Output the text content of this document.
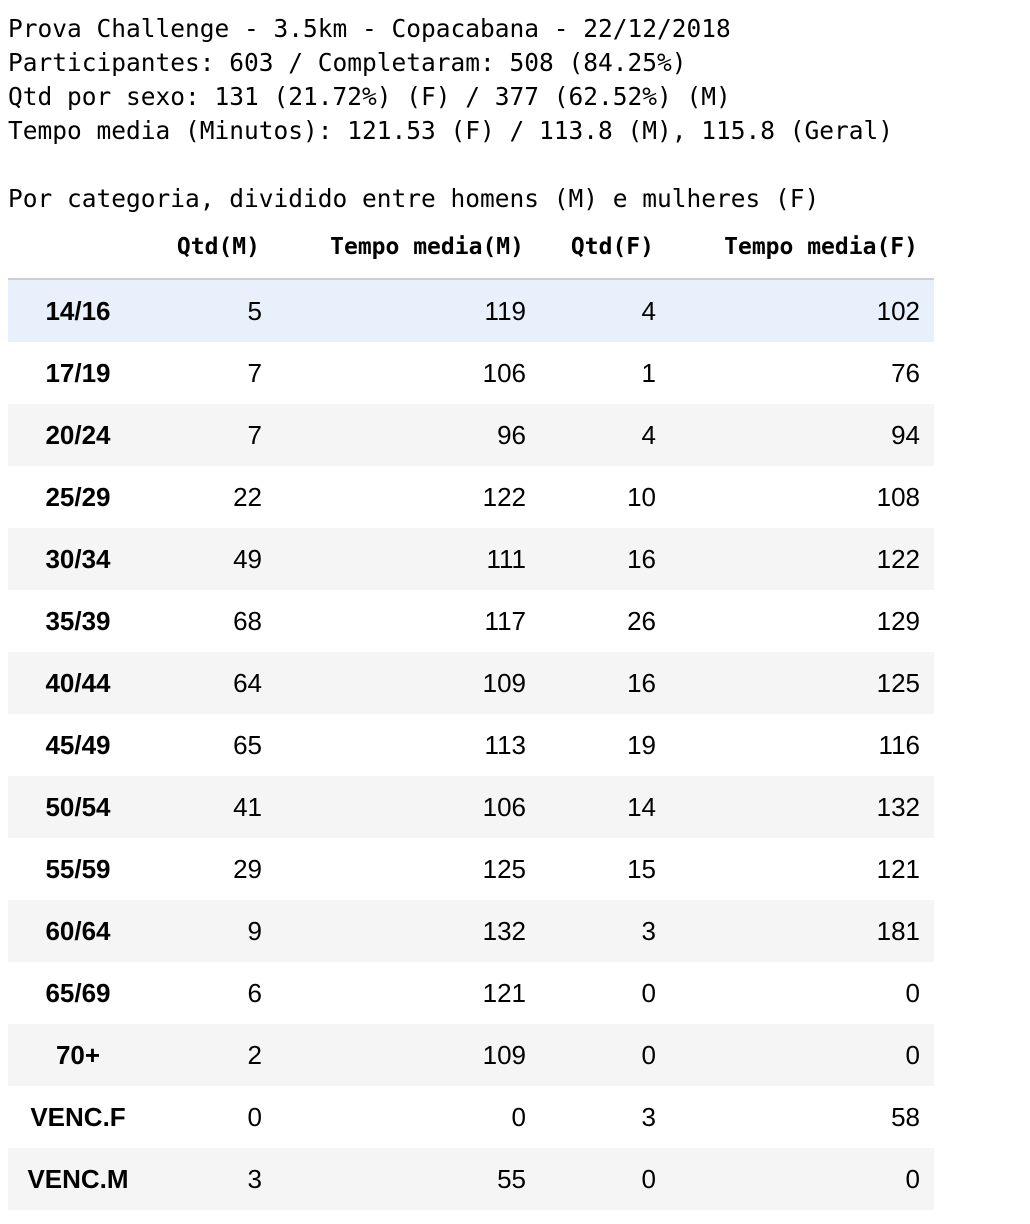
Prova Challenge - 3.5km - Copacabana - 22/12/2018
Participantes: 603 / Completaram: 508 (84.25%)
Qtd por sexo: 131 (21.72%) (F) / 377 (62.52%) (M)
Tempo media (Minutos): 121.53 (F) / 113.8 (M), 115.8 (Geral)
Por categoria, dividido entre homens (M) e mulheres (F)
	Qtd(M)	Tempo media(M)	Qtd(F)	Tempo media(F)
14/16	5	119	4	102
17/19	7	106	1	76
20/24	7	96	4	94
25/29	22	122	10	108
30/34	49	111	16	122
35/39	68	117	26	129
40/44	64	109	16	125
45/49	65	113	19	116
50/54	41	106	14	132
55/59	29	125	15	121
60/64	9	132	3	181
65/69	6	121	0	0
70+	2	109	0	0
VENC.F	0	0	3	58
VENC.M	3	55	0	0
